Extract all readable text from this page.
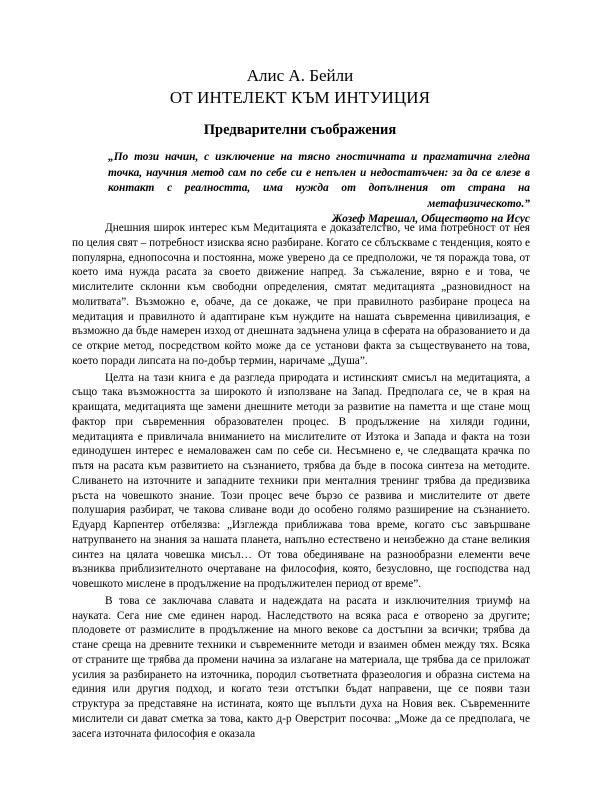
Алис А. Бейли
ОТ ИНТЕЛЕКТ КЪМ ИНТУИЦИЯ
Предварителни съображения
„По този начин, с изключение на тясно гностичната и прагматична гледна точка, научния метод сам по себе си е непълен и недостатъчен: за да се влезе в контакт с реалността, има нужда от допълнения от страна на метафизическото.”
Жозеф Марешал, Обществото на Исус

Днешния широк интерес към Медитацията е доказателство, че има потребност от нея по целия свят – потребност изисква ясно разбиране. Когато се сблъскваме с тенденция, която е популярна, еднопосочна и постоянна, може уверено да се предположи, че тя поражда това, от което има нужда расата за своето движение напред. За съжаление, вярно е и това, че мислителите склонни към свободни определения, смятат медитацията „разновидност на молитвата”. Възможно е, обаче, да се докаже, че при правилното разбиране процеса на медитация и правилното ѝ адаптиране към нуждите на нашата съвременна цивилизация, е възможно да бъде намерен изход от днешната задънена улица в сферата на образованието и да се открие метод, посредством който може да се установи факта за съществуването на това, което поради липсата на по-добър термин, наричаме „Душа”.

Целта на тази книга е да разгледа природата и истинският смисъл на медитацията, а също така възможността за широкото ѝ използване на Запад. Предполага се, че в края на краищата, медитацията ще замени днешните методи за развитие на паметта и ще стане мощ фактор при съвременния образователен процес. В продължение на хиляди години, медитацията е привличала вниманието на мислителите от Изтока и Запада и факта на този единодушен интерес е немаловажен сам по себе си. Несъмнено е, че следващата крачка по пътя на расата към развитието на съзнанието, трябва да бъде в посока синтеза на методите. Сливането на източните и западните техники при менталния тренинг трябва да предизвика ръста на човешкото знание. Този процес вече бързо се развива и мислителите от двете полушария разбират, че такова сливане води до особено голямо разширение на съзнанието. Едуард Карпентер отбелязва: „Изглежда приближава това време, когато със завършване натрупването на знания за нашата планета, напълно естествено и неизбежно да стане великия синтез на цялата човешка мисъл… От това обединяване на разнообразни елементи вече възниква приблизителното очертаване на философия, която, безусловно, ще господства над човешкото мислене в продължение на продължителен период от време”.

В това се заключава славата и надеждата на расата и изключителния триумф на науката. Сега ние сме единен народ. Наследството на всяка раса е отворено за другите; плодовете от размислите в продължение на много векове са достъпни за всички; трябва да стане среща на древните техники и съвременните методи и взаимен обмен между тях. Всяка от страните ще трябва да промени начина за излагане на материала, ще трябва да се приложат усилия за разбирането на източника, породил съответната фразеология и образна система на единия или другия подход, и когато тези отстъпки бъдат направени, ще се появи тази структура за представяне на истината, която ще въплъти духа на Новия век. Съвременните мислители си дават сметка за това, както д-р Оверстрит посочва: „Може да се предполага, че засега източната философия е оказала
